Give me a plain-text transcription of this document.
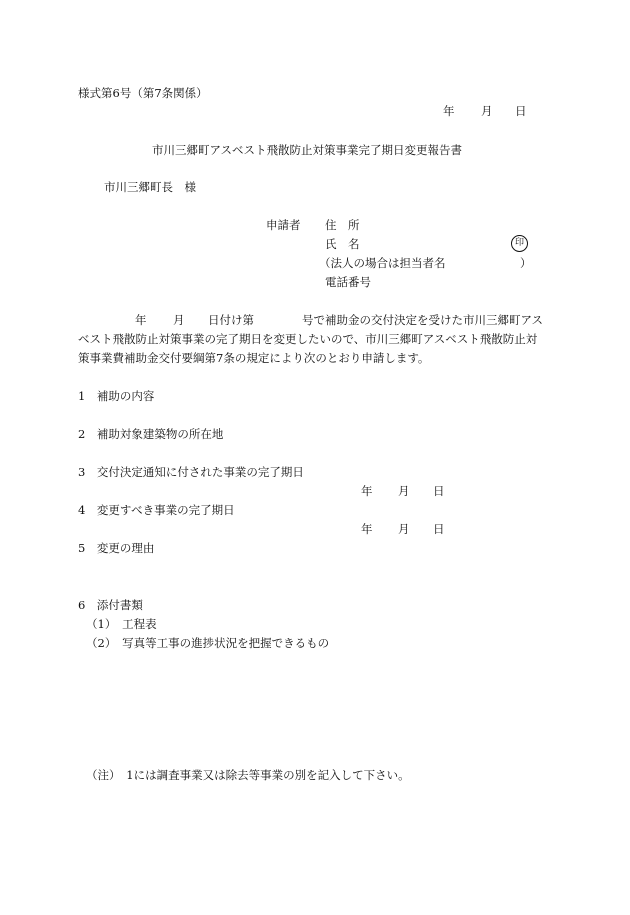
様式第6号（第7条関係）
年 月 日
市川三郷町アスベスト飛散防止対策事業完了期日変更報告書
市川三郷町長　様
申請者 住　所
氏　名	印
（法人の場合は担当者名	）
電話番号
年 月 日付け第	号で補助金の交付決定を受けた市川三郷町アス
ベスト飛散防止対策事業の完了期日を変更したいので、市川三郷町アスベスト飛散防止対
策事業費補助金交付要綱第7条の規定により次のとおり申請します。
1　補助の内容
2　補助対象建築物の所在地
3　交付決定通知に付された事業の完了期日
年 月 日
4　変更すべき事業の完了期日
年 月 日
5　変更の理由
6　添付書類
（1）　工程表
（2）　写真等工事の進捗状況を把握できるもの
（注）　1には調査事業又は除去等事業の別を記入して下さい。
